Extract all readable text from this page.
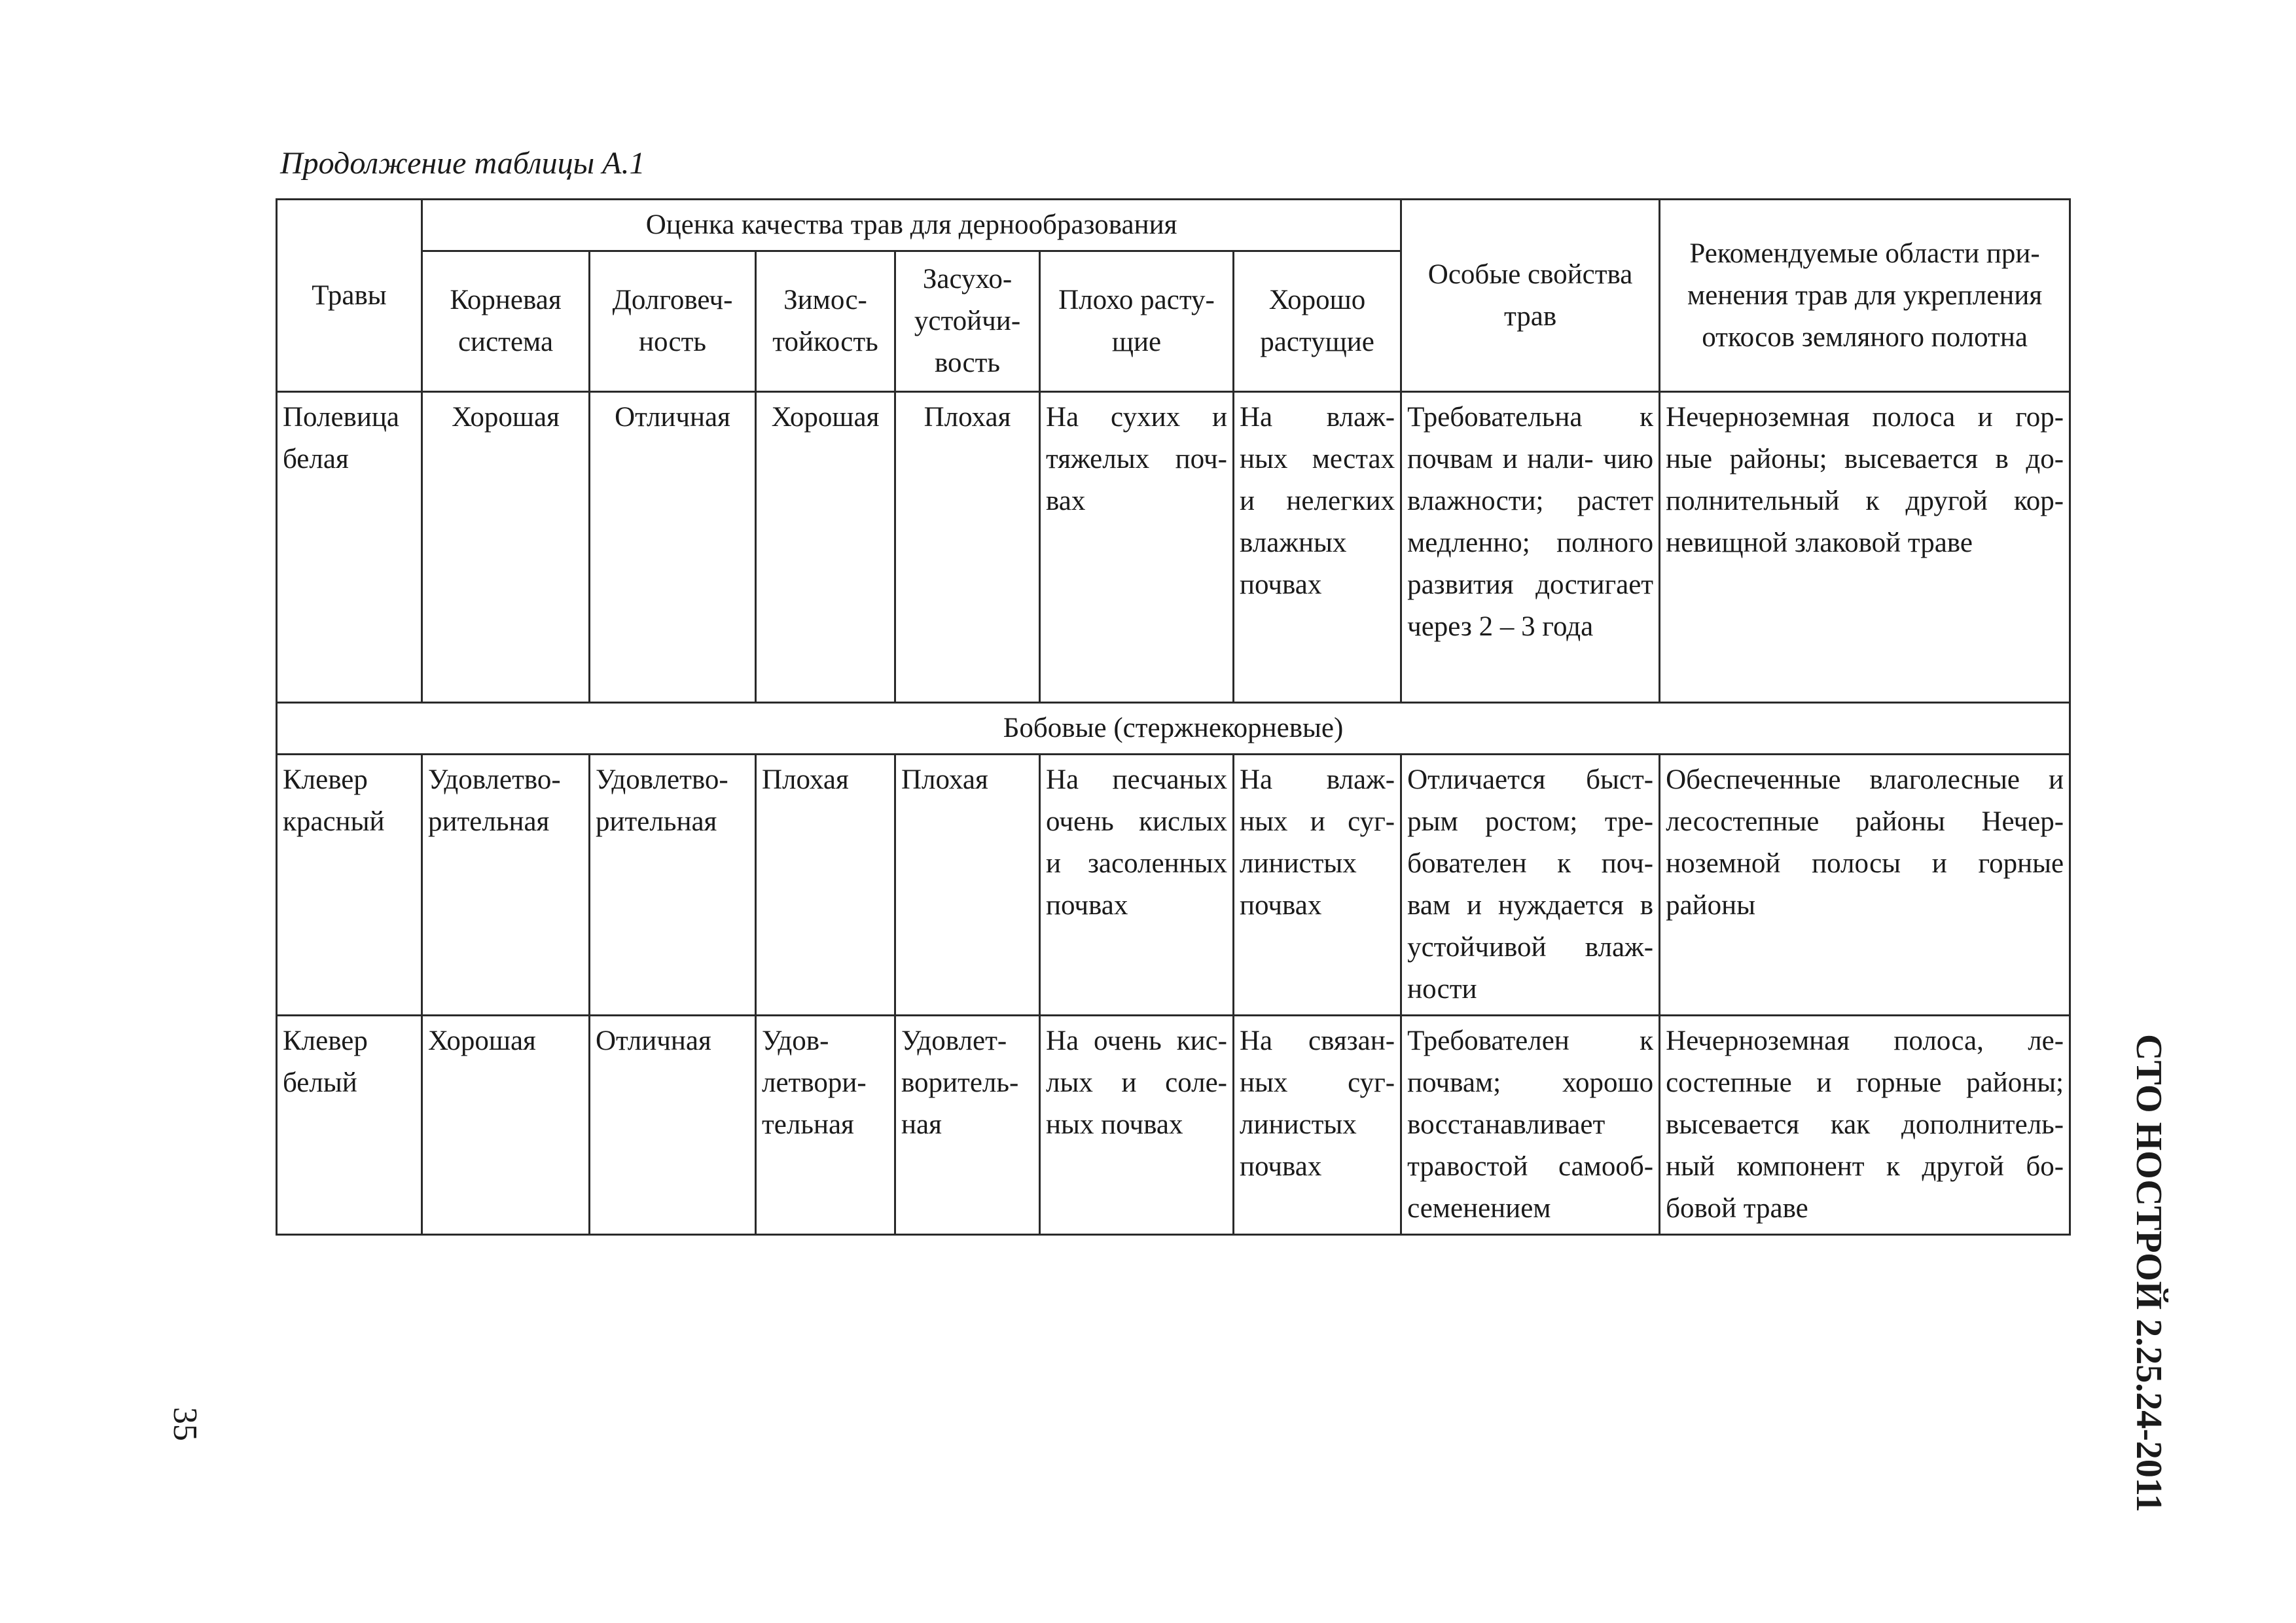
Продолжение таблицы А.1
Травы	Оценка качества трав для дернообразования						Особые свойства трав	Рекомендуемые области при- менения трав для укрепления откосов земляного полотна
	Корневая система	Долговеч- ность	Зимос- тойкость	Засухо- устойчи- вость	Плохо расту- щие	Хорошо растущие		
Полевица белая	Хорошая	Отличная	Хорошая	Плохая	На сухих и тяжелых поч- вах	На влаж- ных местах и нелегких влажных почвах	Требовательна к почвам и нали- чию влажности; растет медленно; полного развития достигает через 2 – 3 года	Нечерноземная полоса и гор- ные районы; высевается в до- полнительный к другой кор- невищной злаковой траве
Бобовые (стержнекорневые)								
Клевер красный	Удовлетво- рительная	Удовлетво- рительная	Плохая	Плохая	На песчаных очень кислых и засоленных почвах	На влаж- ных и суг- линистых почвах	Отличается быст- рым ростом; тре- бователен к поч- вам и нуждается в устойчивой влаж- ности	Обеспеченные влаголесные и лесостепные районы Нечер- ноземной полосы и горные районы
Клевер белый	Хорошая	Отличная	Удов- летвори- тельная	Удовлет- воритель- ная	На очень кис- лых и соле- ных почвах	На связан- ных суг- линистых почвах	Требователен к почвам; хорошо восстанавливает травостой самооб- семенением	Нечерноземная полоса, ле- состепные и горные районы; высевается как дополнитель- ный компонент к другой бо- бовой траве
35	СТО НОСТРОЙ 2.25.24-2011
